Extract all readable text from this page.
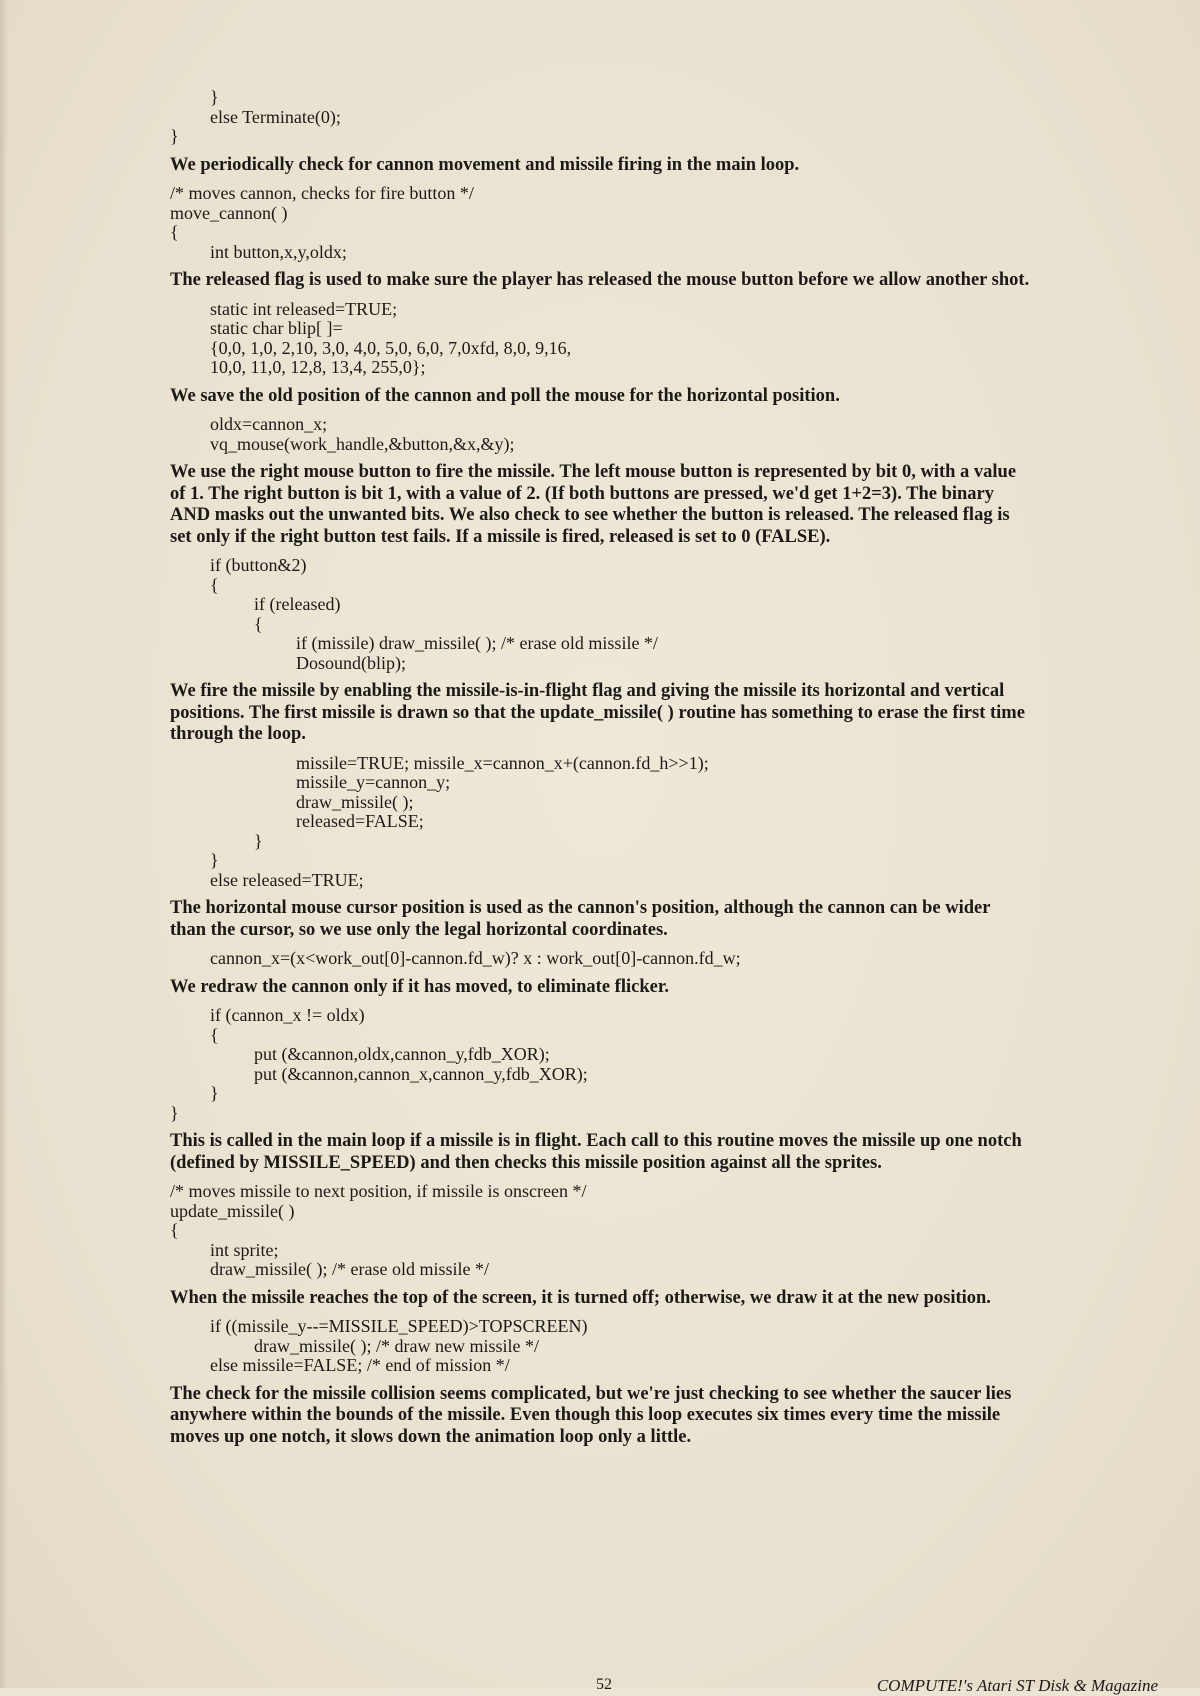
}

else Terminate(0);

}

We periodically check for cannon movement and missile firing in the main loop.

/* moves cannon, checks for fire button */

move_cannon( )

{

int button,x,y,oldx;

The released flag is used to make sure the player has released the mouse button before we allow another shot.

static int released=TRUE;

static char blip[ ]=

{0,0, 1,0, 2,10, 3,0, 4,0, 5,0, 6,0, 7,0xfd, 8,0, 9,16,

10,0, 11,0, 12,8, 13,4, 255,0};

We save the old position of the cannon and poll the mouse for the horizontal position.

oldx=cannon_x;

vq_mouse(work_handle,&button,&x,&y);

We use the right mouse button to fire the missile. The left mouse button is represented by bit 0, with a value of 1. The right button is bit 1, with a value of 2. (If both buttons are pressed, we'd get 1+2=3). The binary AND masks out the unwanted bits. We also check to see whether the button is released. The released flag is set only if the right button test fails. If a missile is fired, released is set to 0 (FALSE).

if (button&2)

{

if (released)

{

if (missile) draw_missile( ); /* erase old missile */

Dosound(blip);

We fire the missile by enabling the missile-is-in-flight flag and giving the missile its horizontal and vertical positions. The first missile is drawn so that the update_missile( ) routine has something to erase the first time through the loop.

missile=TRUE; missile_x=cannon_x+(cannon.fd_h>>1);

missile_y=cannon_y;

draw_missile( );

released=FALSE;

}

}

else released=TRUE;

The horizontal mouse cursor position is used as the cannon's position, although the cannon can be wider than the cursor, so we use only the legal horizontal coordinates.

cannon_x=(x<work_out[0]-cannon.fd_w)? x : work_out[0]-cannon.fd_w;

We redraw the cannon only if it has moved, to eliminate flicker.

if (cannon_x != oldx)

{

put (&cannon,oldx,cannon_y,fdb_XOR);

put (&cannon,cannon_x,cannon_y,fdb_XOR);

}

}

This is called in the main loop if a missile is in flight. Each call to this routine moves the missile up one notch (defined by MISSILE_SPEED) and then checks this missile position against all the sprites.

/* moves missile to next position, if missile is onscreen */

update_missile( )

{

int sprite;

draw_missile( ); /* erase old missile */

When the missile reaches the top of the screen, it is turned off; otherwise, we draw it at the new position.

if ((missile_y--=MISSILE_SPEED)>TOPSCREEN)

draw_missile( ); /* draw new missile */

else missile=FALSE; /* end of mission */

The check for the missile collision seems complicated, but we're just checking to see whether the saucer lies anywhere within the bounds of the missile. Even though this loop executes six times every time the missile moves up one notch, it slows down the animation loop only a little.

52	COMPUTE!'s Atari ST Disk & Magazine
